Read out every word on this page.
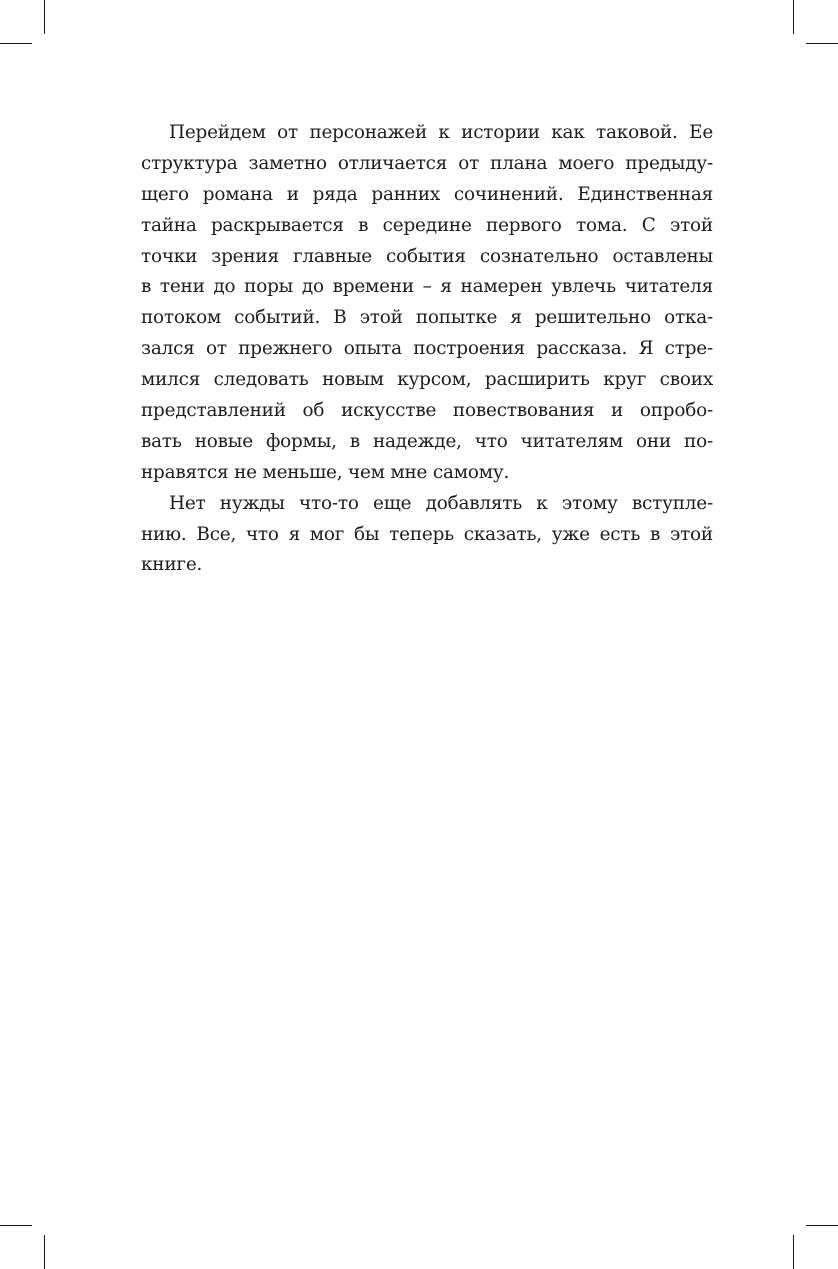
Перейдем от персонажей к истории как таковой. Ее
структура заметно отличается от плана моего предыду-
щего романа и ряда ранних сочинений. Единственная
тайна раскрывается в середине первого тома. С этой
точки зрения главные события сознательно оставлены
в тени до поры до времени – я намерен увлечь читателя
потоком событий. В этой попытке я решительно отка-
зался от прежнего опыта построения рассказа. Я стре-
мился следовать новым курсом, расширить круг своих
представлений об искусстве повествования и опробо-
вать новые формы, в надежде, что читателям они по-
нравятся не меньше, чем мне самому.
Нет нужды что-то еще добавлять к этому вступле-
нию. Все, что я мог бы теперь сказать, уже есть в этой
книге.
